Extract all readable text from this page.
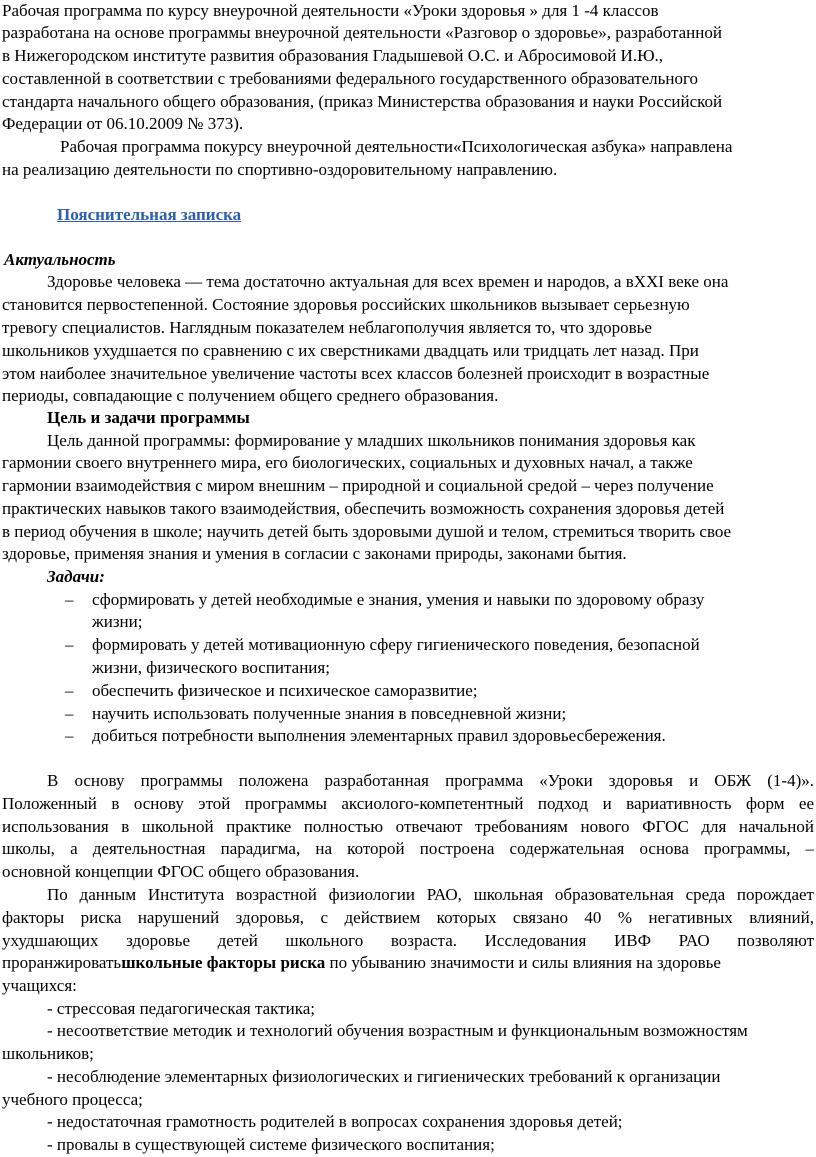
Рабочая программа по курсу внеурочной деятельности «Уроки здоровья » для 1 -4 классов
разработана на основе программы внеурочной деятельности «Разговор о здоровье», разработанной
в Нижегородском институте развития образования Гладышевой О.С. и Абросимовой И.Ю.,
составленной в соответствии с требованиями федерального государственного образовательного
стандарта начального общего образования, (приказ Министерства образования и науки Российской
Федерации от 06.10.2009 № 373).
Рабочая программа покурсу внеурочной деятельности«Психологическая азбука» направлена
на реализацию деятельности по спортивно-оздоровительному направлению.
Пояснительная записка
Актуальность
Здоровье человека — тема достаточно актуальная для всех времен и народов, а вXXI веке она
становится первостепенной. Состояние здоровья российских школьников вызывает серьезную
тревогу специалистов. Наглядным показателем неблагополучия является то, что здоровье
школьников ухудшается по сравнению с их сверстниками двадцать или тридцать лет назад. При
этом наиболее значительное увеличение частоты всех классов болезней происходит в возрастные
периоды, совпадающие с получением общего среднего образования.
Цель и задачи программы
Цель данной программы: формирование у младших школьников понимания здоровья как
гармонии своего внутреннего мира, его биологических, социальных и духовных начал, а также
гармонии взаимодействия с миром внешним – природной и социальной средой – через получение
практических навыков такого взаимодействия, обеспечить возможность сохранения здоровья детей
в период обучения в школе; научить детей быть здоровыми душой и телом, стремиться творить свое
здоровье, применяя знания и умения в согласии с законами природы, законами бытия.
Задачи:
– сформировать у детей необходимые е знания, умения и навыки по здоровому образу
жизни;
– формировать у детей мотивационную сферу гигиенического поведения, безопасной
жизни, физического воспитания;
– обеспечить физическое и психическое саморазвитие;
– научить использовать полученные знания в повседневной жизни;
– добиться потребности выполнения элементарных правил здоровьесбережения.
В основу программы положена разработанная программа «Уроки здоровья и ОБЖ (1-4)».
Положенный в основу этой программы аксиолого-компетентный подход и вариативность форм ее
использования в школьной практике полностью отвечают требованиям нового ФГОС для начальной
школы, а деятельностная парадигма, на которой построена содержательная основа программы, –
основной концепции ФГОС общего образования.
По данным Института возрастной физиологии РАО, школьная образовательная среда порождает
факторы риска нарушений здоровья, с действием которых связано 40 % негативных влияний,
ухудшающих здоровье детей школьного возраста. Исследования ИВФ РАО позволяют
проранжироватьшкольные факторы риска по убыванию значимости и силы влияния на здоровье
учащихся:
- стрессовая педагогическая тактика;
- несоответствие методик и технологий обучения возрастным и функциональным возможностям
школьников;
- несоблюдение элементарных физиологических и гигиенических требований к организации
учебного процесса;
- недостаточная грамотность родителей в вопросах сохранения здоровья детей;
- провалы в существующей системе физического воспитания;
